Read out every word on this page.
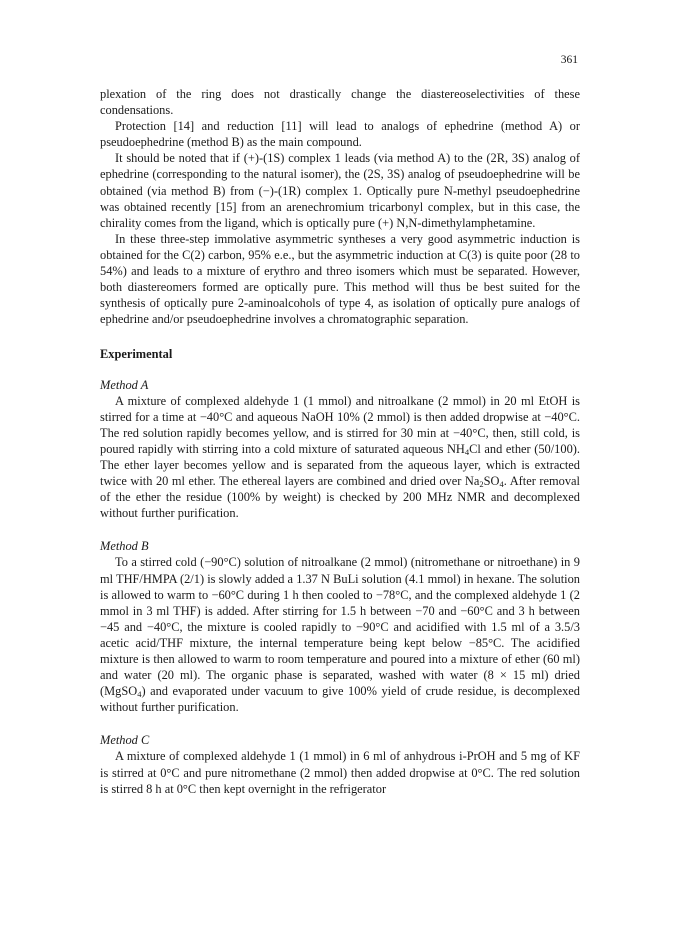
361

plexation of the ring does not drastically change the diastereoselectivities of these condensations.

Protection [14] and reduction [11] will lead to analogs of ephedrine (method A) or pseudoephedrine (method B) as the main compound.

It should be noted that if (+)-(1S) complex 1 leads (via method A) to the (2R, 3S) analog of ephedrine (corresponding to the natural isomer), the (2S, 3S) analog of pseudoephedrine will be obtained (via method B) from (−)-(1R) complex 1. Optically pure N-methyl pseudoephedrine was obtained recently [15] from an arenechromium tricarbonyl complex, but in this case, the chirality comes from the ligand, which is optically pure (+) N,N-dimethylamphetamine.

In these three-step immolative asymmetric syntheses a very good asymmetric induction is obtained for the C(2) carbon, 95% e.e., but the asymmetric induction at C(3) is quite poor (28 to 54%) and leads to a mixture of erythro and threo isomers which must be separated. However, both diastereomers formed are optically pure. This method will thus be best suited for the synthesis of optically pure 2-aminoalcohols of type 4, as isolation of optically pure analogs of ephedrine and/or pseudoephedrine involves a chromatographic separation.

Experimental
Method A

A mixture of complexed aldehyde 1 (1 mmol) and nitroalkane (2 mmol) in 20 ml EtOH is stirred for a time at −40°C and aqueous NaOH 10% (2 mmol) is then added dropwise at −40°C. The red solution rapidly becomes yellow, and is stirred for 30 min at −40°C, then, still cold, is poured rapidly with stirring into a cold mixture of saturated aqueous $NH_4Cl$ and ether (50/100). The ether layer becomes yellow and is separated from the aqueous layer, which is extracted twice with 20 ml ether. The ethereal layers are combined and dried over $Na_2SO_4$. After removal of the ether the residue (100% by weight) is checked by 200 MHz NMR and decomplexed without further purification.

Method B

To a stirred cold (−90°C) solution of nitroalkane (2 mmol) (nitromethane or nitroethane) in 9 ml THF/HMPA (2/1) is slowly added a 1.37 N BuLi solution (4.1 mmol) in hexane. The solution is allowed to warm to −60°C during 1 h then cooled to −78°C, and the complexed aldehyde 1 (2 mmol in 3 ml THF) is added. After stirring for 1.5 h between −70 and −60°C and 3 h between −45 and −40°C, the mixture is cooled rapidly to −90°C and acidified with 1.5 ml of a 3.5/3 acetic acid/THF mixture, the internal temperature being kept below −85°C. The acidified mixture is then allowed to warm to room temperature and poured into a mixture of ether (60 ml) and water (20 ml). The organic phase is separated, washed with water (8 × 15 ml) dried (MgSO$_4$) and evaporated under vacuum to give 100% yield of crude residue, is decomplexed without further purification.

Method C

A mixture of complexed aldehyde 1 (1 mmol) in 6 ml of anhydrous i-PrOH and 5 mg of KF is stirred at 0°C and pure nitromethane (2 mmol) then added dropwise at 0°C. The red solution is stirred 8 h at 0°C then kept overnight in the refrigerator
